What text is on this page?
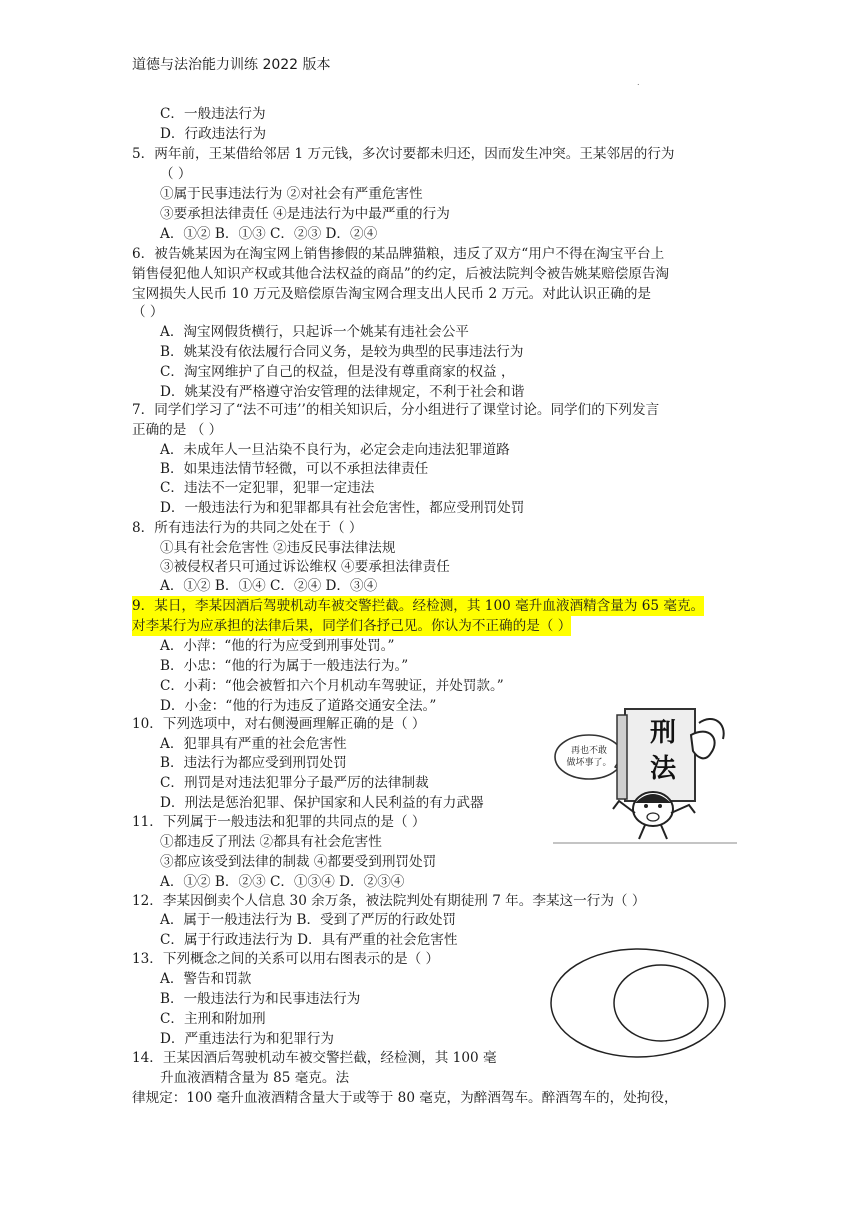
道德与法治能力训练 2022 版本
.
C．一般违法行为
D．行政违法行为
5．两年前，王某借给邻居 1 万元钱，多次讨要都未归还，因而发生冲突。王某邻居的行为
（ ）
①属于民事违法行为 ②对社会有严重危害性
③要承担法律责任 ④是违法行为中最严重的行为
A．①② B．①③ C．②③ D．②④
6．被告姚某因为在淘宝网上销售掺假的某品牌猫粮，违反了双方“用户不得在淘宝平台上
销售侵犯他人知识产权或其他合法权益的商品”的约定，后被法院判令被告姚某赔偿原告淘
宝网损失人民币 10 万元及赔偿原告淘宝网合理支出人民币 2 万元。对此认识正确的是
（ ）
A．淘宝网假货横行，只起诉一个姚某有违社会公平
B．姚某没有依法履行合同义务，是较为典型的民事违法行为
C．淘宝网维护了自己的权益，但是没有尊重商家的权益 ，
D．姚某没有严格遵守治安管理的法律规定，不利于社会和谐
7．同学们学习了“法不可违’’的相关知识后，分小组进行了课堂讨论。同学们的下列发言
正确的是 （ ）
A．未成年人一旦沾染不良行为，必定会走向违法犯罪道路
B．如果违法情节轻微，可以不承担法律责任
C．违法不一定犯罪，犯罪一定违法
D．一般违法行为和犯罪都具有社会危害性，都应受刑罚处罚
8．所有违法行为的共同之处在于（ ）
①具有社会危害性 ②违反民事法律法规
③被侵权者只可通过诉讼维权 ④要承担法律责任
A．①② B．①④ C．②④ D．③④
9．某日，李某因酒后驾驶机动车被交警拦截。经检测，其 100 毫升血液酒精含量为 65 毫克。
对李某行为应承担的法律后果，同学们各抒己见。你认为不正确的是（ ）
A．小萍：“他的行为应受到刑事处罚。”
B．小忠：“他的行为属于一般违法行为。”
C．小莉：“他会被暂扣六个月机动车驾驶证，并处罚款。”
D．小金：“他的行为违反了道路交通安全法。”
10．下列选项中，对右侧漫画理解正确的是（ ）
A．犯罪具有严重的社会危害性
B．违法行为都应受到刑罚处罚
C．刑罚是对违法犯罪分子最严厉的法律制裁
D．刑法是惩治犯罪、保护国家和人民利益的有力武器
11．下列属于一般违法和犯罪的共同点的是（ ）
①都违反了刑法 ②都具有社会危害性
③都应该受到法律的制裁 ④都要受到刑罚处罚
A．①② B．②③ C．①③④ D．②③④
12．李某因倒卖个人信息 30 余万条，被法院判处有期徒刑 7 年。李某这一行为（ ）
A．属于一般违法行为 B．受到了严厉的行政处罚
C．属于行政违法行为 D．具有严重的社会危害性
13．下列概念之间的关系可以用右图表示的是（ ）
A．警告和罚款
B．一般违法行为和民事违法行为
C．主刑和附加刑
D．严重违法行为和犯罪行为
14．王某因酒后驾驶机动车被交警拦截，经检测，其 100 毫
升血液酒精含量为 85 毫克。法
律规定：100 毫升血液酒精含量大于或等于 80 毫克，为醉酒驾车。醉酒驾车的，处拘役，
再也不敢
做坏事了。
刑
法
